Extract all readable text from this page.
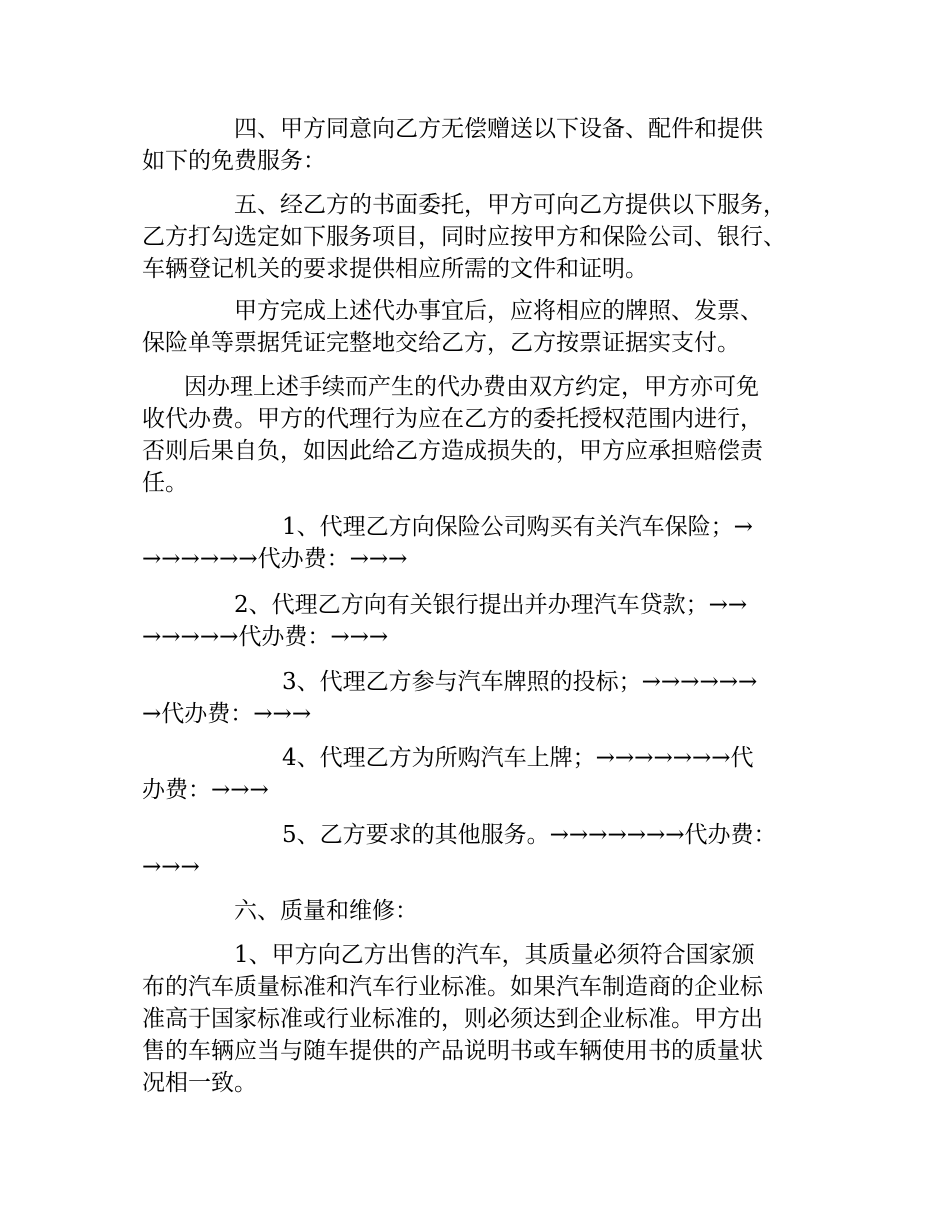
四、甲方同意向乙方无偿赠送以下设备、配件和提供
如下的免费服务：

五、经乙方的书面委托，甲方可向乙方提供以下服务，
乙方打勾选定如下服务项目，同时应按甲方和保险公司、银行、
车辆登记机关的要求提供相应所需的文件和证明。

甲方完成上述代办事宜后，应将相应的牌照、发票、
保险单等票据凭证完整地交给乙方，乙方按票证据实支付。

因办理上述手续而产生的代办费由双方约定，甲方亦可免
收代办费。甲方的代理行为应在乙方的委托授权范围内进行，
否则后果自负，如因此给乙方造成损失的，甲方应承担赔偿责
任。

1、代理乙方向保险公司购买有关汽车保险；→
→→→→→→代办费：→→→

2、代理乙方向有关银行提出并办理汽车贷款；→→
→→→→→代办费：→→→

3、代理乙方参与汽车牌照的投标；→→→→→→
→代办费：→→→

4、代理乙方为所购汽车上牌；→→→→→→→代
办费：→→→

5、乙方要求的其他服务。→→→→→→→代办费：
→→→

六、质量和维修：

1、甲方向乙方出售的汽车，其质量必须符合国家颁
布的汽车质量标准和汽车行业标准。如果汽车制造商的企业标
准高于国家标准或行业标准的，则必须达到企业标准。甲方出
售的车辆应当与随车提供的产品说明书或车辆使用书的质量状
况相一致。
